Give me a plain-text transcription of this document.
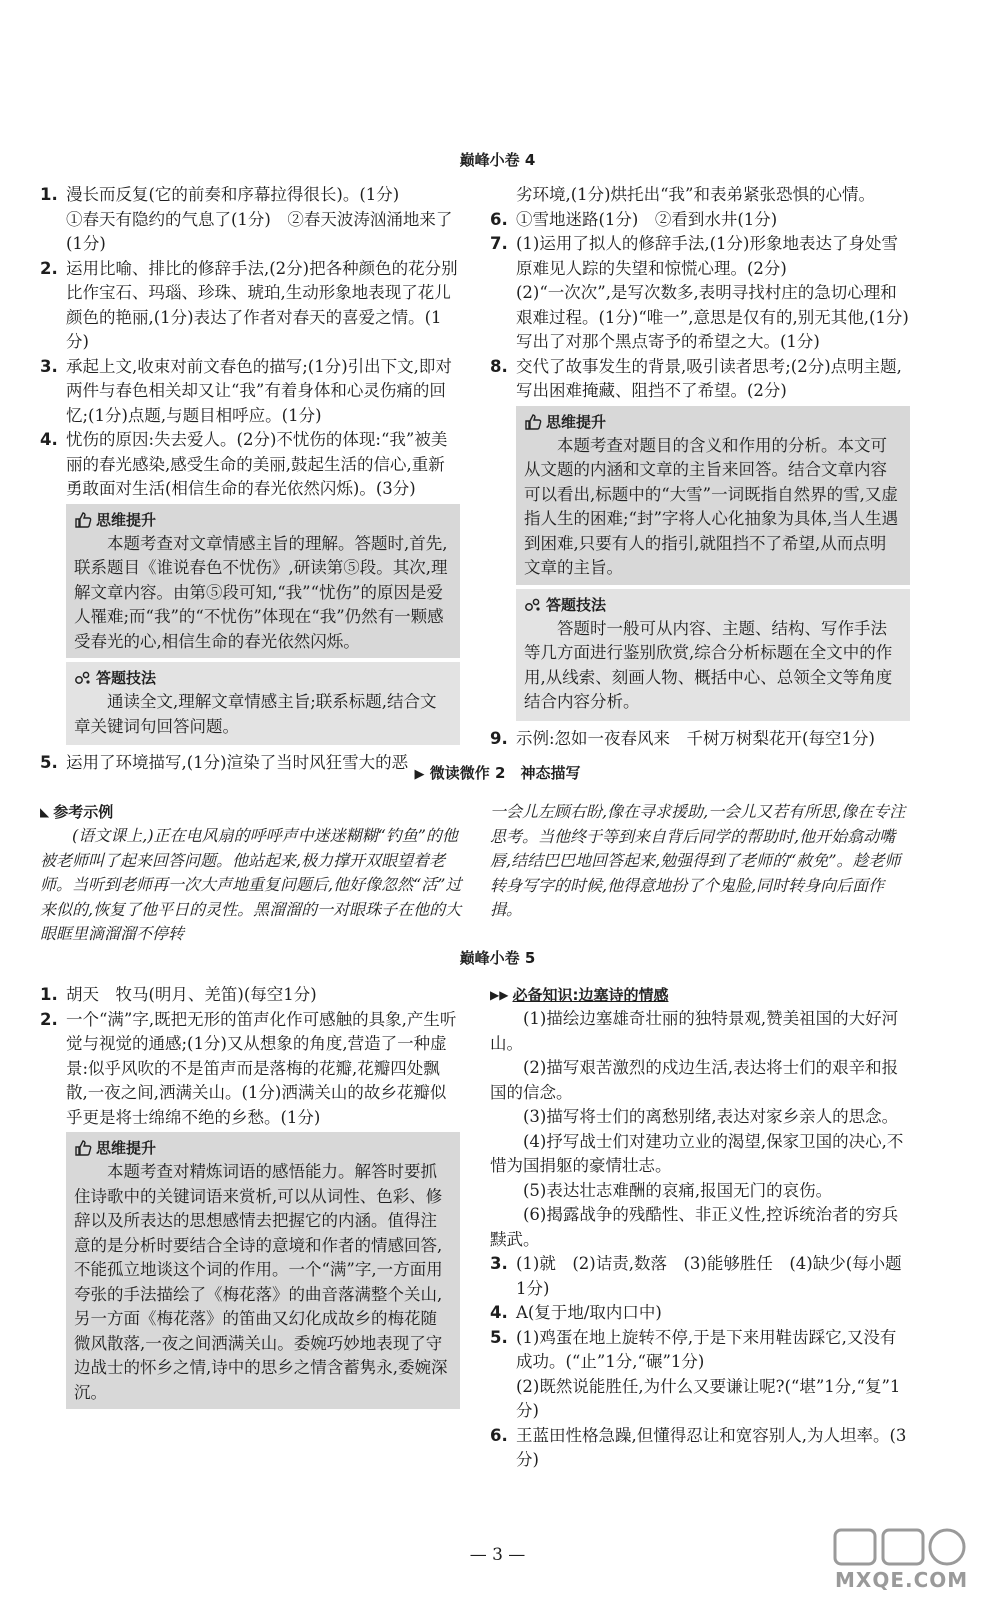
巅峰小卷 4
1. 漫长而反复(它的前奏和序幕拉得很长)。(1分)
①春天有隐约的气息了(1分)　②春天波涛汹涌地来了(1分)
2. 运用比喻、排比的修辞手法,(2分)把各种颜色的花分别比作宝石、玛瑙、珍珠、琥珀,生动形象地表现了花儿颜色的艳丽,(1分)表达了作者对春天的喜爱之情。(1分)
3. 承起上文,收束对前文春色的描写;(1分)引出下文,即对两件与春色相关却又让“我”有着身体和心灵伤痛的回忆;(1分)点题,与题目相呼应。(1分)
4. 忧伤的原因:失去爱人。(2分)不忧伤的体现:“我”被美丽的春光感染,感受生命的美丽,鼓起生活的信心,重新勇敢面对生活(相信生命的春光依然闪烁)。(3分)
思维提升
本题考查对文章情感主旨的理解。答题时,首先,联系题目《谁说春色不忧伤》,研读第⑤段。其次,理解文章内容。由第⑤段可知,“我”“忧伤”的原因是爱人罹难;而“我”的“不忧伤”体现在“我”仍然有一颗感受春光的心,相信生命的春光依然闪烁。
答题技法
通读全文,理解文章情感主旨;联系标题,结合文章关键词句回答问题。
5. 运用了环境描写,(1分)渲染了当时风狂雪大的恶
劣环境,(1分)烘托出“我”和表弟紧张恐惧的心情。
6. ①雪地迷路(1分)　②看到水井(1分)
7. (1)运用了拟人的修辞手法,(1分)形象地表达了身处雪原难见人踪的失望和惊慌心理。(2分)
(2)“一次次”,是写次数多,表明寻找村庄的急切心理和艰难过程。(1分)“唯一”,意思是仅有的,别无其他,(1分)写出了对那个黑点寄予的希望之大。(1分)
8. 交代了故事发生的背景,吸引读者思考;(2分)点明主题,写出困难掩藏、阻挡不了希望。(2分)
思维提升
本题考查对题目的含义和作用的分析。本文可从文题的内涵和文章的主旨来回答。结合文章内容可以看出,标题中的“大雪”一词既指自然界的雪,又虚指人生的困难;“封”字将人心化抽象为具体,当人生遇到困难,只要有人的指引,就阻挡不了希望,从而点明文章的主旨。
答题技法
答题时一般可从内容、主题、结构、写作手法等几方面进行鉴别欣赏,综合分析标题在全文中的作用,从线索、刻画人物、概括中心、总领全文等角度结合内容分析。
9. 示例:忽如一夜春风来　千树万树梨花开(每空1分)
▶ 微读微作 2　神态描写
◣ 参考示例
(语文课上,)正在电风扇的呼呼声中迷迷糊糊“钓鱼”的他被老师叫了起来回答问题。他站起来,极力撑开双眼望着老师。当听到老师再一次大声地重复问题后,他好像忽然“活”过来似的,恢复了他平日的灵性。黑溜溜的一对眼珠子在他的大眼眶里滴溜溜不停转
一会儿左顾右盼,像在寻求援助,一会儿又若有所思,像在专注思考。当他终于等到来自背后同学的帮助时,他开始翕动嘴唇,结结巴巴地回答起来,勉强得到了老师的“赦免”。趁老师转身写字的时候,他得意地扮了个鬼脸,同时转身向后面作揖。
巅峰小卷 5
1. 胡天　牧马(明月、羌笛)(每空1分)
2. 一个“满”字,既把无形的笛声化作可感触的具象,产生听觉与视觉的通感;(1分)又从想象的角度,营造了一种虚景:似乎风吹的不是笛声而是落梅的花瓣,花瓣四处飘散,一夜之间,洒满关山。(1分)洒满关山的故乡花瓣似乎更是将士绵绵不绝的乡愁。(1分)
思维提升
本题考查对精炼词语的感悟能力。解答时要抓住诗歌中的关键词语来赏析,可以从词性、色彩、修辞以及所表达的思想感情去把握它的内涵。值得注意的是分析时要结合全诗的意境和作者的情感回答,不能孤立地谈这个词的作用。一个“满”字,一方面用夸张的手法描绘了《梅花落》的曲音落满整个关山,另一方面《梅花落》的笛曲又幻化成故乡的梅花随微风散落,一夜之间洒满关山。委婉巧妙地表现了守边战士的怀乡之情,诗中的思乡之情含蓄隽永,委婉深沉。
▶▶ 必备知识:边塞诗的情感
(1)描绘边塞雄奇壮丽的独特景观,赞美祖国的大好河山。
(2)描写艰苦激烈的戍边生活,表达将士们的艰辛和报国的信念。
(3)描写将士们的离愁别绪,表达对家乡亲人的思念。
(4)抒写战士们对建功立业的渴望,保家卫国的决心,不惜为国捐躯的豪情壮志。
(5)表达壮志难酬的哀痛,报国无门的哀伤。
(6)揭露战争的残酷性、非正义性,控诉统治者的穷兵黩武。
3. (1)就　(2)诘责,数落　(3)能够胜任　(4)缺少(每小题1分)
4. A(复于地/取内口中)
5. (1)鸡蛋在地上旋转不停,于是下来用鞋齿踩它,又没有成功。(“止”1分,“碾”1分)
(2)既然说能胜任,为什么又要谦让呢?(“堪”1分,“复”1分)
6. 王蓝田性格急躁,但懂得忍让和宽容别人,为人坦率。(3分)
— 3 —
MXQE.COM
